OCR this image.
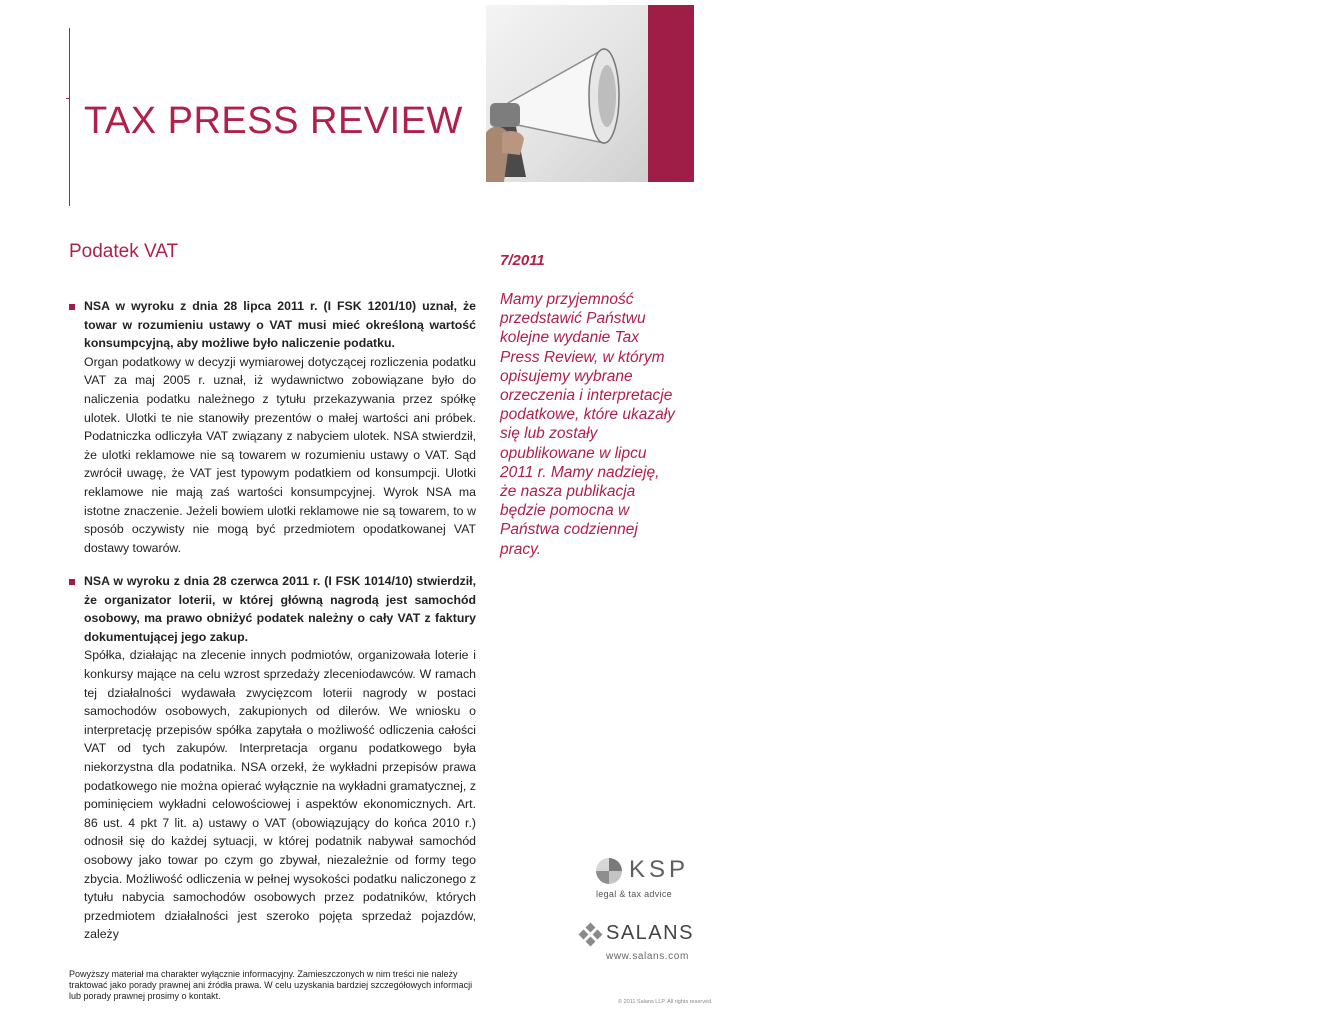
TAX PRESS REVIEW	CLIENT ALERT
Podatek VAT	7/2011
Mamy przyjemność przedstawić Państwu kolejne wydanie Tax Press Review, w którym opisujemy wybrane orzeczenia i interpretacje podatkowe, które ukazały się lub zostały opublikowane w lipcu 2011 r. Mamy nadzieję, że nasza publikacja będzie pomocna w Państwa codziennej pracy.

NSA w wyroku z dnia 28 lipca 2011 r. (I FSK 1201/10) uznał, że towar w rozumieniu ustawy o VAT musi mieć określoną wartość konsumpcyjną, aby możliwe było naliczenie podatku.

Organ podatkowy w decyzji wymiarowej dotyczącej rozliczenia podatku VAT za maj 2005 r. uznał, iż wydawnictwo zobowiązane było do naliczenia podatku należnego z tytułu przekazywania przez spółkę ulotek. Ulotki te nie stanowiły prezentów o małej wartości ani próbek. Podatniczka odliczyła VAT związany z nabyciem ulotek. NSA stwierdził, że ulotki reklamowe nie są towarem w rozumieniu ustawy o VAT. Sąd zwrócił uwagę, że VAT jest typowym podatkiem od konsumpcji. Ulotki reklamowe nie mają zaś wartości konsumpcyjnej. Wyrok NSA ma istotne znaczenie. Jeżeli bowiem ulotki reklamowe nie są towarem, to w sposób oczywisty nie mogą być przedmiotem opodatkowanej VAT dostawy towarów.

NSA w wyroku z dnia 28 czerwca 2011 r. (I FSK 1014/10) stwierdził, że organizator loterii, w której główną nagrodą jest samochód osobowy, ma prawo obniżyć podatek należny o cały VAT z faktury dokumentującej jego zakup.

Spółka, działając na zlecenie innych podmiotów, organizowała loterie i konkursy mające na celu wzrost sprzedaży zleceniodawców. W ramach tej działalności wydawała zwycięzcom loterii nagrody w postaci samochodów osobowych, zakupionych od dilerów. We wniosku o interpretację przepisów spółka zapytała o możliwość odliczenia całości VAT od tych zakupów. Interpretacja organu podatkowego była niekorzystna dla podatnika. NSA orzekł, że wykładni przepisów prawa podatkowego nie można opierać wyłącznie na wykładni gramatycznej, z pominięciem wykładni celowościowej i aspektów ekonomicznych. Art. 86 ust. 4 pkt 7 lit. a) ustawy o VAT (obowiązujący do końca 2010 r.) odnosił się do każdej sytuacji, w której podatnik nabywał samochód osobowy jako towar po czym go zbywał, niezależnie od formy tego zbycia. Możliwość odliczenia w pełnej wysokości podatku naliczonego z tytułu nabycia samochodów osobowych przez podatników, których przedmiotem działalności jest szeroko pojęta sprzedaż pojazdów, zależy

KSP
legal & tax advice
SALANS
www.salans.com
Powyższy materiał ma charakter wyłącznie informacyjny. Zamieszczonych w nim treści nie należy traktować jako porady prawnej ani źródła prawa. W celu uzyskania bardziej szczegółowych informacji lub porady prawnej prosimy o kontakt.
© 2011 Salans LLP. All rights reserved.
